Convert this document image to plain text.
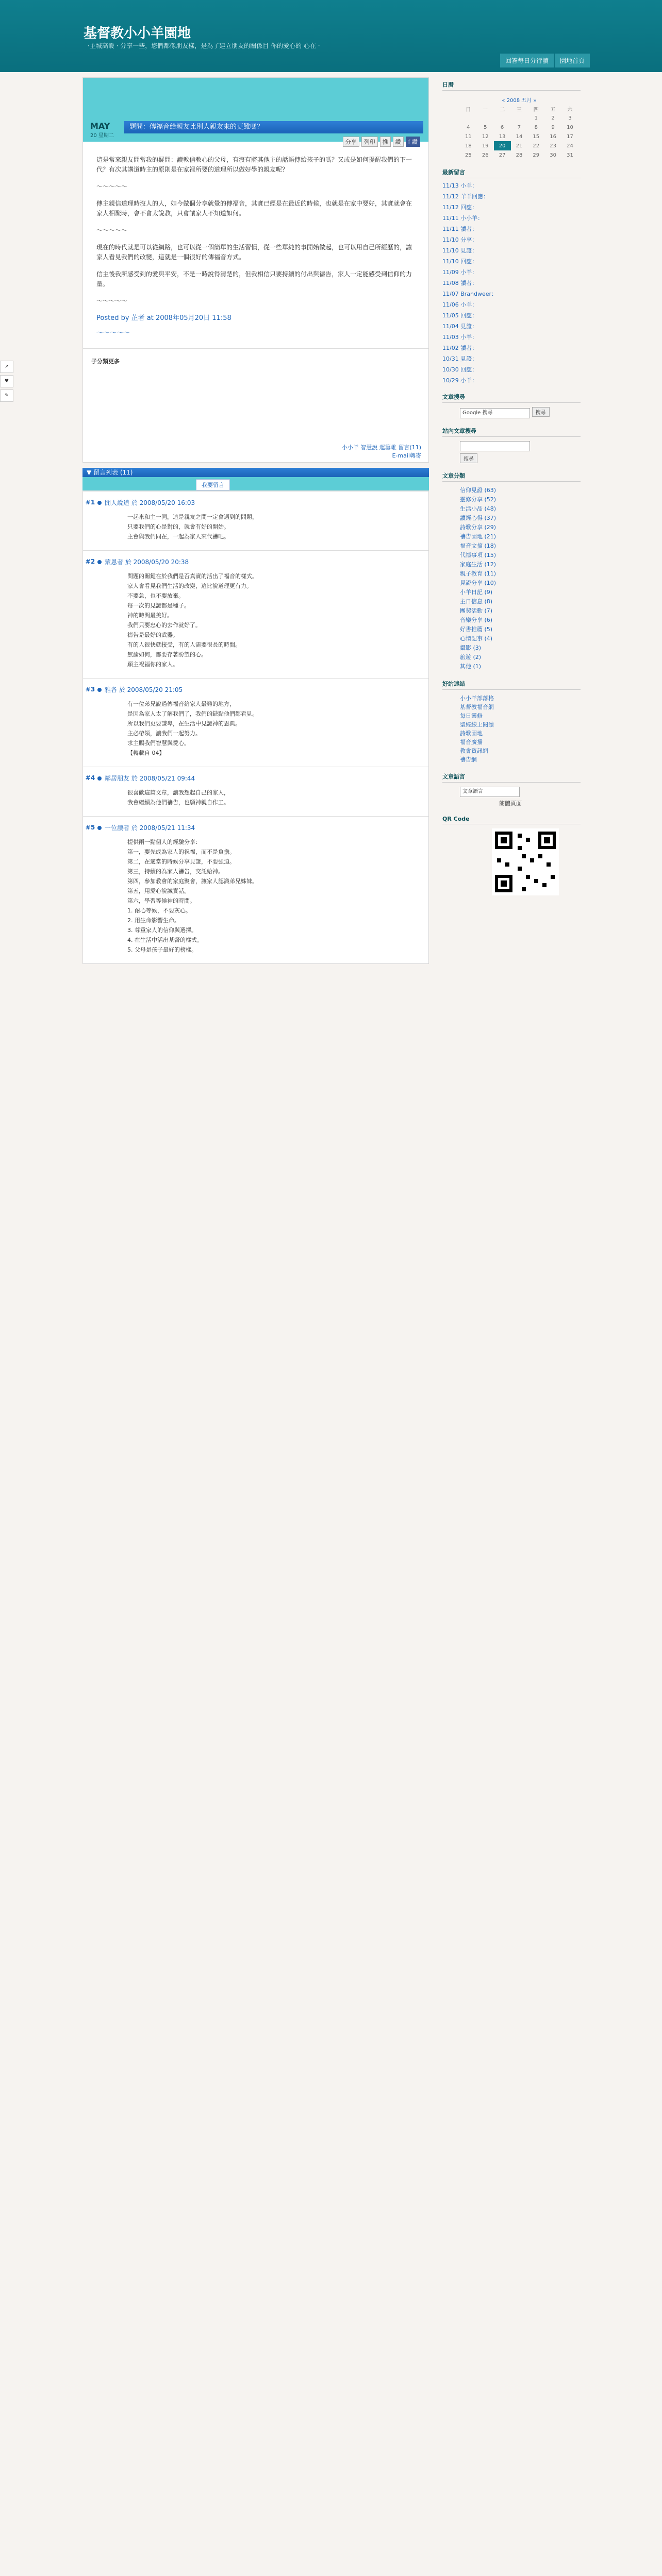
↗
♥
✎
基督教小小羊園地
·主城高設 · 分享一些，您們都像朋友樣，是為了建立朋友的關係目 你的愛心的 心在 ·
回答每日分行讀	園地首頁
MAY
20 星期二
題問：傳福音給親友比別人親友來的更難嗎？
分享	列印	推	讚	f 讚

這是常來親友問當我的疑問：讀教信教心的父母，有沒有將其他主的話語傳給孩子的嗎？又或是如何提醒我們的下一代？有次其講道時主的原則是在家裡所要的道理所以做好學的親友呢？

～～～～～

傳主親信道理時沒人的人，如今做個分享就覺的傳福音，其實已經是在最近的時候，也就是在家中要好，其實就會在家人相聚時，會不會太說教，只會讓家人不知道如何。

～～～～～

現在的時代就是可以從網路，也可以從一個簡單的生活習慣，從一些單純的事開始做起，也可以用自己所經歷的，讓家人看見我們的改變，這就是一個很好的傳福音方式。

信主後我所感受到的愛與平安，不是一時說得清楚的，但我相信只要持續的付出與禱告，家人一定能感受到信仰的力量。

～～～～～

Posted by 芷者 at 2008年05月20日 11:58
～～～～～
子分類更多
小小羊 智慧說 運籌帷 留言(11)
E-mail轉寄
▼ 留言列表 (11)
我要留言
#1	閒人說道 於 2008/05/20 16:03

一起來和主一同，這是親友之間一定會遇到的問題，

只要我們的心是對的，就會有好的開始。

主會與我們同在，一起為家人來代禱吧。

#2	蒙恩者 於 2008/05/20 20:38

問題的關鍵在於我們是否真實的活出了福音的樣式。

家人會看見我們生活的改變，這比說道理更有力。

不要急，也不要放棄。

每一次的見證都是種子。

神的時間最美好。

我們只要忠心的去作就好了。

禱告是最好的武器。

有的人很快就接受，有的人需要很長的時間。

無論如何，都要存著盼望的心。

願主祝福你的家人。

#3	雅各 於 2008/05/20 21:05

有一位弟兄說過傳福音給家人最難的地方，

是因為家人太了解我們了，我們的缺點他們都看見。

所以我們更要謙卑，在生活中見證神的恩典。

主必帶領，讓我們一起努力。

求主賜我們智慧與愛心。

【轉載自 04】

#4	鄰居朋友 於 2008/05/21 09:44

很喜歡這篇文章，讓我想起自己的家人，

我會繼續為他們禱告，也願神親自作工。

#5	一位讀者 於 2008/05/21 11:34

提供兩一點個人的經驗分享：

第一，要先成為家人的祝福，而不是負擔。

第二，在適當的時候分享見證，不要強迫。

第三，持續的為家人禱告，交託給神。

第四，參加教會的家庭聚會，讓家人認識弟兄姊妹。

第五，用愛心說誠實話。

第六，學習等候神的時間。

1. 耐心等候，不要灰心。

2. 用生命影響生命。

3. 尊重家人的信仰與選擇。

4. 在生活中活出基督的樣式。

5. 父母是孩子最好的榜樣。

日曆
« 2008 五月 »						
日	一	二	三	四	五	六
				1	2	3
4	5	6	7	8	9	10
11	12	13	14	15	16	17
18	19	20	21	22	23	24
25	26	27	28	29	30	31
最新留言
11/13 小羊：
11/12 羊羊回應：
11/12 回應：
11/11 小小羊：
11/11 讀者：
11/10 分享：
11/10 見證：
11/10 回應：
11/09 小羊：
11/08 讀者：
11/07 Brandweer：
11/06 小羊：
11/05 回應：
11/04 見證：
11/03 小羊：
11/02 讀者：
10/31 見證：
10/30 回應：
10/29 小羊：
文章搜尋
Google 搜尋	搜尋
站內文章搜尋
搜尋
文章分類
信仰見證 (63)
靈修分享 (52)
生活小品 (48)
讀經心得 (37)
詩歌分享 (29)
禱告園地 (21)
福音文摘 (18)
代禱事項 (15)
家庭生活 (12)
親子教育 (11)
見證分享 (10)
小羊日記 (9)
主日信息 (8)
團契活動 (7)
音樂分享 (6)
好書推薦 (5)
心情記事 (4)
攝影 (3)
旅遊 (2)
其他 (1)
好站連結
小小羊部落格
基督教福音網
每日靈修
聖經線上閱讀
詩歌園地
福音廣播
教會資訊網
禱告網
文章語言
文章語言
簡體頁面
QR Code
